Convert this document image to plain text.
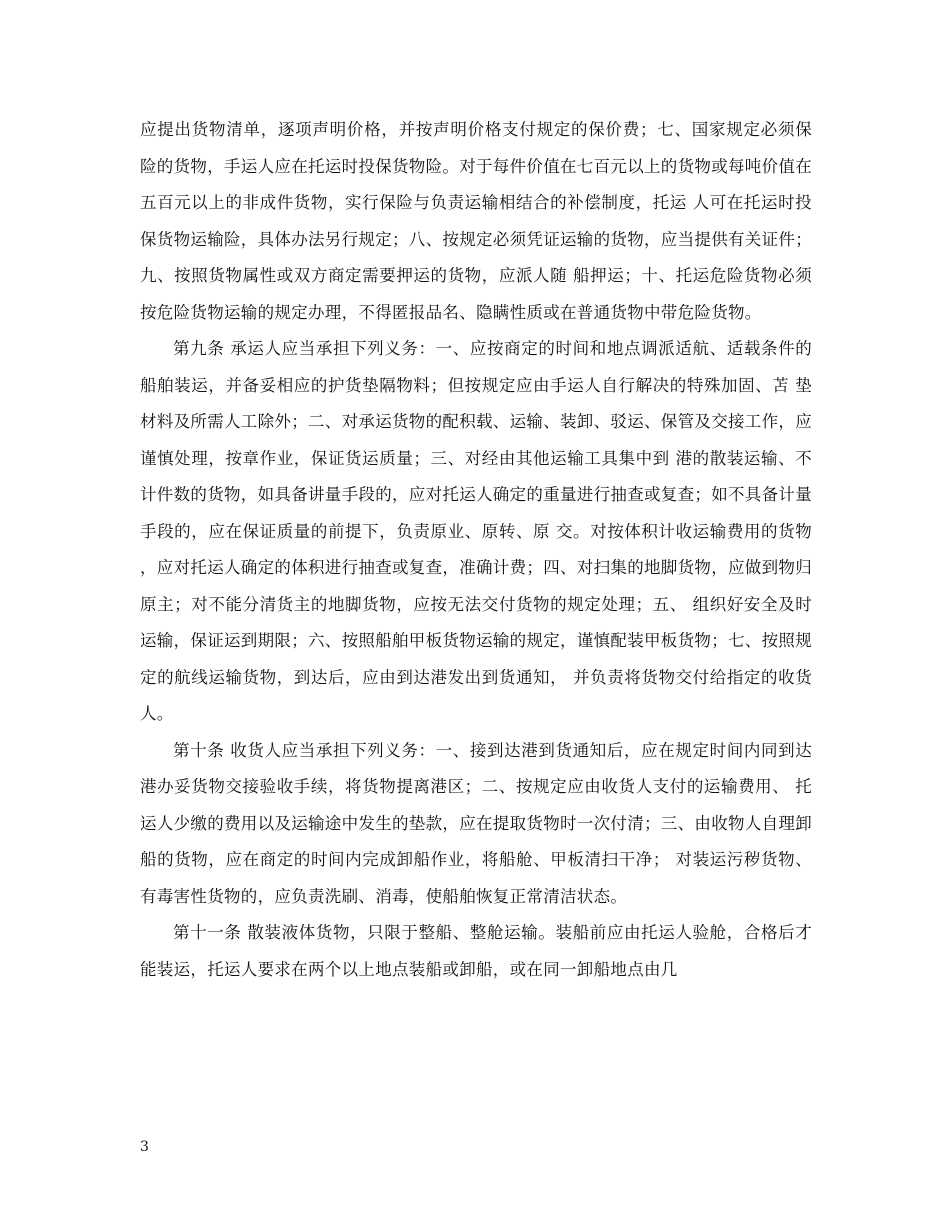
应提出货物清单，逐项声明价格，并按声明价格支付规定的保价费；七、国家规定必须保 险的货物，手运人应在托运时投保货物险。对于每件价值在七百元以上的货物或每吨价值在五百元以上的非成件货物，实行保险与负责运输相结合的补偿制度，托运 人可在托运时投保货物运输险，具体办法另行规定；八、按规定必须凭证运输的货物，应当提供有关证件；九、按照货物属性或双方商定需要押运的货物，应派人随 船押运；十、托运危险货物必须按危险货物运输的规定办理，不得匿报品名、隐瞒性质或在普通货物中带危险货物。

第九条 承运人应当承担下列义务：一、应按商定的时间和地点调派适航、适载条件的船舶装运，并备妥相应的护货垫隔物料；但按规定应由手运人自行解决的特殊加固、苫 垫材料及所需人工除外；二、对承运货物的配积载、运输、装卸、驳运、保管及交接工作，应谨慎处理，按章作业，保证货运质量；三、对经由其他运输工具集中到 港的散装运输、不计件数的货物，如具备讲量手段的，应对托运人确定的重量进行抽查或复查；如不具备计量手段的，应在保证质量的前提下，负责原业、原转、原 交。对按体积计收运输费用的货物 ，应对托运人确定的体积进行抽查或复查，准确计费；四、对扫集的地脚货物，应做到物归原主；对不能分清货主的地脚货物，应按无法交付货物的规定处理；五、 组织好安全及时运输，保证运到期限；六、按照船舶甲板货物运输的规定，谨慎配装甲板货物；七、按照规定的航线运输货物，到达后，应由到达港发出到货通知， 并负责将货物交付给指定的收货人。

第十条 收货人应当承担下列义务：一、接到达港到货通知后，应在规定时间内同到达港办妥货物交接验收手续，将货物提离港区；二、按规定应由收货人支付的运输费用、 托运人少缴的费用以及运输途中发生的垫款，应在提取货物时一次付清；三、由收物人自理卸船的货物，应在商定的时间内完成卸船作业，将船舱、甲板清扫干净； 对装运污秽货物、有毒害性货物的，应负责洗刷、消毒，使船舶恢复正常清洁状态。

第十一条 散装液体货物，只限于整船、整舱运输。装船前应由托运人验舱，合格后才能装运，托运人要求在两个以上地点装船或卸船，或在同一卸船地点由几

3
